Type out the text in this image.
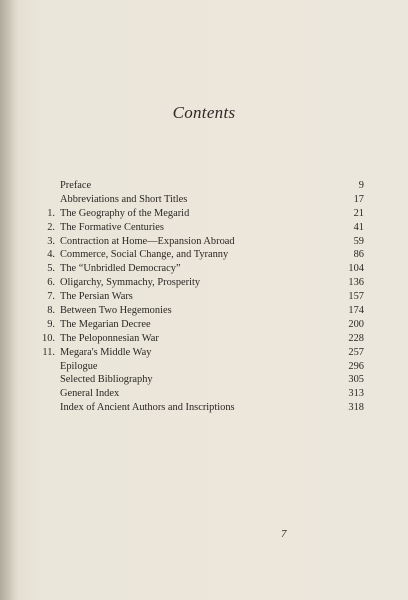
Contents
Preface	9
Abbreviations and Short Titles	17
1. The Geography of the Megarid	21
2. The Formative Centuries	41
3. Contraction at Home—Expansion Abroad	59
4. Commerce, Social Change, and Tyranny	86
5. The “Unbridled Democracy”	104
6. Oligarchy, Symmachy, Prosperity	136
7. The Persian Wars	157
8. Between Two Hegemonies	174
9. The Megarian Decree	200
10. The Peloponnesian War	228
11. Megara's Middle Way	257
Epilogue	296
Selected Bibliography	305
General Index	313
Index of Ancient Authors and Inscriptions	318
7
